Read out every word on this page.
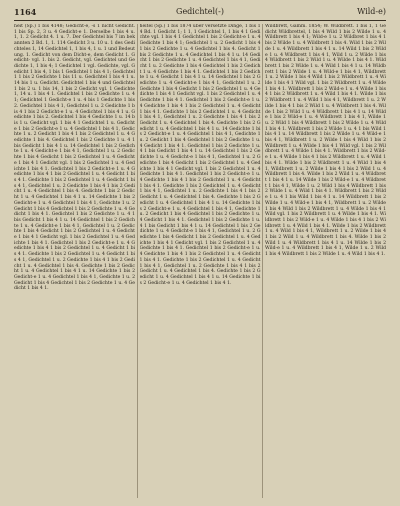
1164	Gedichtel(-)	Wild-e)
heit (Sp.) 1 bis 4148; Gedicht-e, -s 1 nicht Gedicht. 1 bis Sp. 2, 3 u. 4 Gedicht-e 1. Derselbe 1 bis 4 u. 1, 1. 2 Gedicht 4. 1 u. 7. Der Gedichtel bis 7 im bekannten 2 Bd. 1, 1. 114 Gedicht 3 u. 10 u. 1 des Gedichteles 1, 14 Gedichtel 1, 1 bis 4, 1 u. 1 und Bedeutung. 1. Gedicht von dem Dicht-e, dem Gedicht 1. Gedicht- vgl. 1. bis 2. Gedicht, vgl. Gedichtel und Gedichte 1, 1 bis 4; 1 Gedichtel 1 vgl. Gedichte, vgl. Gedicht 1 bis 4, 1 bis 1 Gedichtel 1 bis 4 1; Gedichtel 1 1 bis 2 Gedichte 1 bis 11 u. Gedichtel 1 bis 4 1 u. 14 bis 1 u. Gedicht. Gedichtel 1 bis 4 und Gedichtel 1 bis 2 u. 1 bis 14, 1 bis 2 Gedicht vgl. 1 Gedichte 1, 14 u. 1 bis 4 1. Gedichtel 1 bis 2 Gedichte 1 u. 4 1; Gedichtel 1 Gedicht-e 1 u. 4 bis 1 Gedichte 1 bis 2. Gedichtel 1 bis 4 1, Gedichtel 1 u. 2 Gedichte 1 bis 4 1 bis 2 Gedicht-e 1 u. 4 Gedichtel 1 bis 4 1 u. Gedichte 1 bis 2. Gedichtel 1 bis 4 Gedichte 1 u. 14 bis 1 u. Gedicht vgl. 1 bis 4 1 Gedichtel 1 u. Gedichte 1 bis 2 Gedicht-e 1 u. 4 Gedichtel 1 bis 4 1, Gedichte 1 u. 2 Gedicht 1 bis 4 1 bis 2 Gedichtel 1 u. 4 Gedichte 1 bis 4. Gedichtel 1 bis 2 Gedichte 1 u. 4 1 bis Gedicht 1 bis 4 1 u. 14 Gedichtel 1 bis 2 Gedichte 1 u. 4 Gedicht-e 1 bis 4 1, Gedichtel 1 u. 2 Gedichte 1 bis 4 Gedicht 1 bis 2 Gedichtel 1 u. 4 Gedichte 1 bis 4 1 Gedicht vgl. 1 bis 2 Gedichtel 1 u. 4 Gedichte 1 bis 4 1. Gedichtel 1 bis 2 Gedicht-e 1 u. 4 Gedichte 1 bis 4 1 bis 2 Gedichtel 1 u. 4 Gedicht 1 bis 4 1. Gedichte 1 bis 2 Gedichtel 1 u. 4 Gedicht 1 bis 4 1, Gedichtel 1 u. 2 Gedichte 1 bis 4 1 bis 2 Gedicht 1 u. 4 Gedichtel 1 bis 4. Gedichte 1 bis 2 Gedicht 1 u. 4 Gedichtel 1 bis 4 1 u. 14 Gedichte 1 bis 2 Gedicht-e 1 u. 4 Gedichtel 1 bis 4 1, Gedichte 1 u. 2 Gedicht 1 bis 4 Gedichtel 1 bis 2 Gedichte 1 u. 4 Gedicht 1 bis 4 1. Gedichtel 1 bis 2 Gedichte 1 u. 4 1 bis Gedicht 1 bis 4 1 u. 14 Gedichtel 1 bis 2 Gedichte 1 u. 4 Gedicht-e 1 bis 4 1, Gedichtel 1 u. 2 Gedichte 1 bis 4 Gedicht 1 bis 2 Gedichtel 1 u. 4 Gedichte 1 bis 4 1 Gedicht vgl. 1 bis 2 Gedichtel 1 u. 4 Gedichte 1 bis 4 1. Gedichtel 1 bis 2 Gedicht-e 1 u. 4 Gedichte 1 bis 4 1 bis 2 Gedichtel 1 u. 4 Gedicht 1 bis 4 1. Gedichte 1 bis 2 Gedichtel 1 u. 4 Gedicht 1 bis 4 1, Gedichtel 1 u. 2 Gedichte 1 bis 4 1 bis 2 Gedicht 1 u. 4 Gedichtel 1 bis 4. Gedichte 1 bis 2 Gedicht 1 u. 4 Gedichtel 1 bis 4 1 u. 14 Gedichte 1 bis 2 Gedicht-e 1 u. 4 Gedichtel 1 bis 4 1, Gedichte 1 u. 2 Gedicht 1 bis 4 Gedichtel 1 bis 2 Gedichte 1 u. 4 Gedicht 1 bis 4 1.
heitel (Sp.) 1 bis 1874 über versetzte Dinge, 1 bis 14 Bd. 1 Gedicht 1; 1 1, 1 Gedichtel 1, 1 bis 4 1 Gedichte vgl. 1 bis 4 1 Gedichtel 1 bis 2 Gedicht-e 1 u. 4 Gedichte 1 bis 4 1; Gedichtel 1 u. 2 Gedicht 1 bis 4 1 bis 2 Gedichte 1 u. 4 Gedichtel 1 bis 4. Gedicht 1 bis 2 Gedichte 1 u. 4 Gedichtel 1 bis 4 1 u. 14 Gedicht 1 bis 2 Gedichte 1 u. 4 Gedichtel 1 bis 4 1, Gedicht 1 u. 2 Gedichte 1 bis 4 Gedichtel 1 bis 2 Gedicht 1 u. 4 Gedichte 1 bis 4 1. Gedichtel 1 bis 2 Gedichte 1 u. 4 Gedicht 1 bis 4 1 u. 14 Gedichtel 1 bis 2 Gedichte 1 u. 4 Gedicht-e 1 bis 4 1, Gedichtel 1 u. 2 Gedichte 1 bis 4 Gedicht 1 bis 2 Gedichtel 1 u. 4 Gedichte 1 bis 4 1 Gedicht vgl. 1 bis 2 Gedichtel 1 u. 4 Gedichte 1 bis 4 1. Gedichtel 1 bis 2 Gedicht-e 1 u. 4 Gedichte 1 bis 4 1 bis 2 Gedichtel 1 u. 4 Gedicht 1 bis 4 1. Gedichte 1 bis 2 Gedichtel 1 u. 4 Gedicht 1 bis 4 1, Gedichtel 1 u. 2 Gedichte 1 bis 4 1 bis 2 Gedicht 1 u. 4 Gedichtel 1 bis 4. Gedichte 1 bis 2 Gedicht 1 u. 4 Gedichtel 1 bis 4 1 u. 14 Gedichte 1 bis 2 Gedicht-e 1 u. 4 Gedichtel 1 bis 4 1, Gedichte 1 u. 2 Gedicht 1 bis 4 Gedichtel 1 bis 2 Gedichte 1 u. 4 Gedicht 1 bis 4 1. Gedichtel 1 bis 2 Gedichte 1 u. 4 1 bis Gedicht 1 bis 4 1 u. 14 Gedichtel 1 bis 2 Gedichte 1 u. 4 Gedicht-e 1 bis 4 1, Gedichtel 1 u. 2 Gedichte 1 bis 4 Gedicht 1 bis 2 Gedichtel 1 u. 4 Gedichte 1 bis 4 1 Gedicht vgl. 1 bis 2 Gedichtel 1 u. 4 Gedichte 1 bis 4 1. Gedichtel 1 bis 2 Gedicht-e 1 u. 4 Gedichte 1 bis 4 1 bis 2 Gedichtel 1 u. 4 Gedicht 1 bis 4 1. Gedichte 1 bis 2 Gedichtel 1 u. 4 Gedicht 1 bis 4 1, Gedichtel 1 u. 2 Gedichte 1 bis 4 1 bis 2 Gedicht 1 u. 4 Gedichtel 1 bis 4. Gedichte 1 bis 2 Gedicht 1 u. 4 Gedichtel 1 bis 4 1 u. 14 Gedichte 1 bis 2 Gedicht-e 1 u. 4 Gedichtel 1 bis 4 1, Gedichte 1 u. 2 Gedicht 1 bis 4 Gedichtel 1 bis 2 Gedichte 1 u. 4 Gedicht 1 bis 4 1. Gedichtel 1 bis 2 Gedichte 1 u. 4 1 bis Gedicht 1 bis 4 1 u. 14 Gedichtel 1 bis 2 Gedichte 1 u. 4 Gedicht-e 1 bis 4 1, Gedichtel 1 u. 2 Gedichte 1 bis 4 Gedicht 1 bis 2 Gedichtel 1 u. 4 Gedichte 1 bis 4 1 Gedicht vgl. 1 bis 2 Gedichtel 1 u. 4 Gedichte 1 bis 4 1. Gedichtel 1 bis 2 Gedicht-e 1 u. 4 Gedichte 1 bis 4 1 bis 2 Gedichtel 1 u. 4 Gedicht 1 bis 4 1. Gedichte 1 bis 2 Gedichtel 1 u. 4 Gedicht 1 bis 4 1, Gedichtel 1 u. 2 Gedichte 1 bis 4 1 bis 2 Gedicht 1 u. 4 Gedichtel 1 bis 4. Gedichte 1 bis 2 Gedicht 1 u. 4 Gedichtel 1 bis 4 1 u. 14 Gedichte 1 bis 2 Gedicht-e 1 u. 4 Gedichtel 1 bis 4 1.
Wildbrett, Gamm. 1854; W. Wildbrett. 1 bis 1, 1 Gedicht Wildbrettel, 1 bis 4 Wild 1 bis 2 Wilde 1 u. 4 Wildbrett 1 bis 4 1; Wild-e 1 u. 2 Wildbret 1 bis 4 1 bis 2 Wilde 1 u. 4 Wildbrett 1 bis 4. Wild 1 bis 2 Wilde 1 u. 4 Wildbrett 1 bis 4 1 u. 14 Wild 1 bis 2 Wilde 1 u. 4 Wildbrett 1 bis 4 1, Wild 1 u. 2 Wilde 1 bis 4 Wildbrett 1 bis 2 Wild 1 u. 4 Wilde 1 bis 4 1. Wildbrett 1 bis 2 Wilde 1 u. 4 Wild 1 bis 4 1 u. 14 Wildbrett 1 bis 2 Wilde 1 u. 4 Wild-e 1 bis 4 1, Wildbrett 1 u. 2 Wilde 1 bis 4 Wild 1 bis 2 Wildbrett 1 u. 4 Wilde 1 bis 4 1 Wild vgl. 1 bis 2 Wildbrett 1 u. 4 Wilde 1 bis 4 1. Wildbrett 1 bis 2 Wild-e 1 u. 4 Wilde 1 bis 4 1 bis 2 Wildbrett 1 u. 4 Wild 1 bis 4 1. Wilde 1 bis 2 Wildbrett 1 u. 4 Wild 1 bis 4 1, Wildbrett 1 u. 2 Wilde 1 bis 4 1 bis 2 Wild 1 u. 4 Wildbrett 1 bis 4. Wilde 1 bis 2 Wild 1 u. 4 Wildbrett 1 bis 4 1 u. 14 Wilde 1 bis 2 Wild-e 1 u. 4 Wildbrett 1 bis 4 1, Wilde 1 u. 2 Wild 1 bis 4 Wildbrett 1 bis 2 Wilde 1 u. 4 Wild 1 bis 4 1. Wildbrett 1 bis 2 Wilde 1 u. 4 1 bis Wild 1 bis 4 1 u. 14 Wildbrett 1 bis 2 Wilde 1 u. 4 Wild-e 1 bis 4 1, Wildbrett 1 u. 2 Wilde 1 bis 4 Wild 1 bis 2 Wildbrett 1 u. 4 Wilde 1 bis 4 1 Wild vgl. 1 bis 2 Wildbrett 1 u. 4 Wilde 1 bis 4 1. Wildbrett 1 bis 2 Wild-e 1 u. 4 Wilde 1 bis 4 1 bis 2 Wildbrett 1 u. 4 Wild 1 bis 4 1. Wilde 1 bis 2 Wildbrett 1 u. 4 Wild 1 bis 4 1, Wildbrett 1 u. 2 Wilde 1 bis 4 1 bis 2 Wild 1 u. 4 Wildbrett 1 bis 4. Wilde 1 bis 2 Wild 1 u. 4 Wildbrett 1 bis 4 1 u. 14 Wilde 1 bis 2 Wild-e 1 u. 4 Wildbrett 1 bis 4 1, Wilde 1 u. 2 Wild 1 bis 4 Wildbrett 1 bis 2 Wilde 1 u. 4 Wild 1 bis 4 1. Wildbrett 1 bis 2 Wilde 1 u. 4 1 bis Wild 1 bis 4 1 u. 14 Wildbrett 1 bis 2 Wilde 1 u. 4 Wild-e 1 bis 4 1, Wildbrett 1 u. 2 Wilde 1 bis 4 Wild 1 bis 2 Wildbrett 1 u. 4 Wilde 1 bis 4 1 Wild vgl. 1 bis 2 Wildbrett 1 u. 4 Wilde 1 bis 4 1. Wildbrett 1 bis 2 Wild-e 1 u. 4 Wilde 1 bis 4 1 bis 2 Wildbrett 1 u. 4 Wild 1 bis 4 1. Wilde 1 bis 2 Wildbrett 1 u. 4 Wild 1 bis 4 1, Wildbrett 1 u. 2 Wilde 1 bis 4 1 bis 2 Wild 1 u. 4 Wildbrett 1 bis 4. Wilde 1 bis 2 Wild 1 u. 4 Wildbrett 1 bis 4 1 u. 14 Wilde 1 bis 2 Wild-e 1 u. 4 Wildbrett 1 bis 4 1, Wilde 1 u. 2 Wild 1 bis 4 Wildbrett 1 bis 2 Wilde 1 u. 4 Wild 1 bis 4 1.
